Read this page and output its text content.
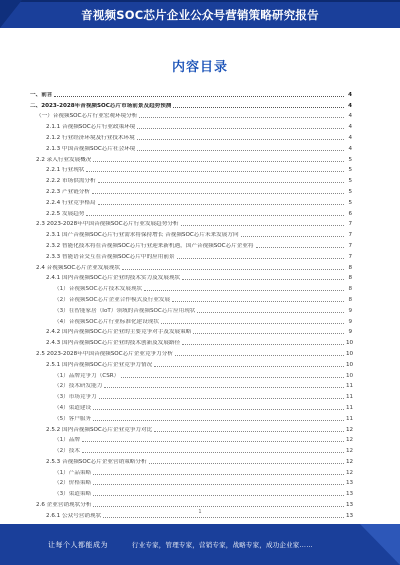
音视频SOC芯片企业公众号营销策略研究报告
内容目录
一、前言	4
二、2023-2028年音视频SOC芯片市场前景及趋势预测	4
（一）音视频SOC芯片行业宏观环境分析	4
2.1.1 音视频SOC芯片行业政策环境	4
2.1.2 行业经济环境及行业技术环境	4
2.1.3 中国音视频SOC芯片社会环境	4
2.2 录入行业发展概况	5
2.2.1 行业现状	5
2.2.2 市场供需分析	5
2.2.3 产业链分析	5
2.2.4 行业竞争格局	5
2.2.5 发展趋势	6
2.3 2023-2028年中国音视频SOC芯片行业发展趋势分析	7
2.3.1 国产音视频SOC芯片行业需求将保持增长 音视频SOC芯片未来发展方向	7
2.3.2 智能化技术将在音视频SOC芯片行业迎来新机遇，国产音视频SOC芯片企业将	7
2.3.3 智能语音交互在音视频SOC芯片中的应用前景	7
2.4 音视频SOC芯片企业发展现状	8
2.4.1 国内音视频SOC芯片企业的技术实力及发展现状	8
（1）音视频SOC芯片技术发展现状	8
（2）音视频SOC芯片企业合作模式及行业发展	8
（3）在智能家居（IoT）领域的音视频SOC芯片应用现状	9
（4）音视频SOC芯片行业标准化建设现状	9
2.4.2 国内音视频SOC芯片企业的主要竞争对手及发展策略	9
2.4.3 国内音视频SOC芯片企业的技术创新及发展路径	10
2.5 2023-2028年中国音视频SOC芯片企业竞争力分析	10
2.5.1 国内音视频SOC芯片企业竞争力情况	10
（1）品牌竞争力（CSR）	10
（2）技术研发能力	11
（3）市场竞争力	11
（4）渠道建设	11
（5）客户服务	11
2.5.2 国内音视频SOC芯片企业竞争力对比	12
（1）品牌	12
（2）技术	12
2.5.3 音视频SOC芯片企业营销策略分析	12
（1）产品策略	12
（2）价格策略	13
（3）渠道策略	13
2.6 企业营销现状分析	13
2.6.1 公众号营销现状	13
1
让每个人都能成为	行业专家，管理专家，营销专家，战略专家，成功企业家……
